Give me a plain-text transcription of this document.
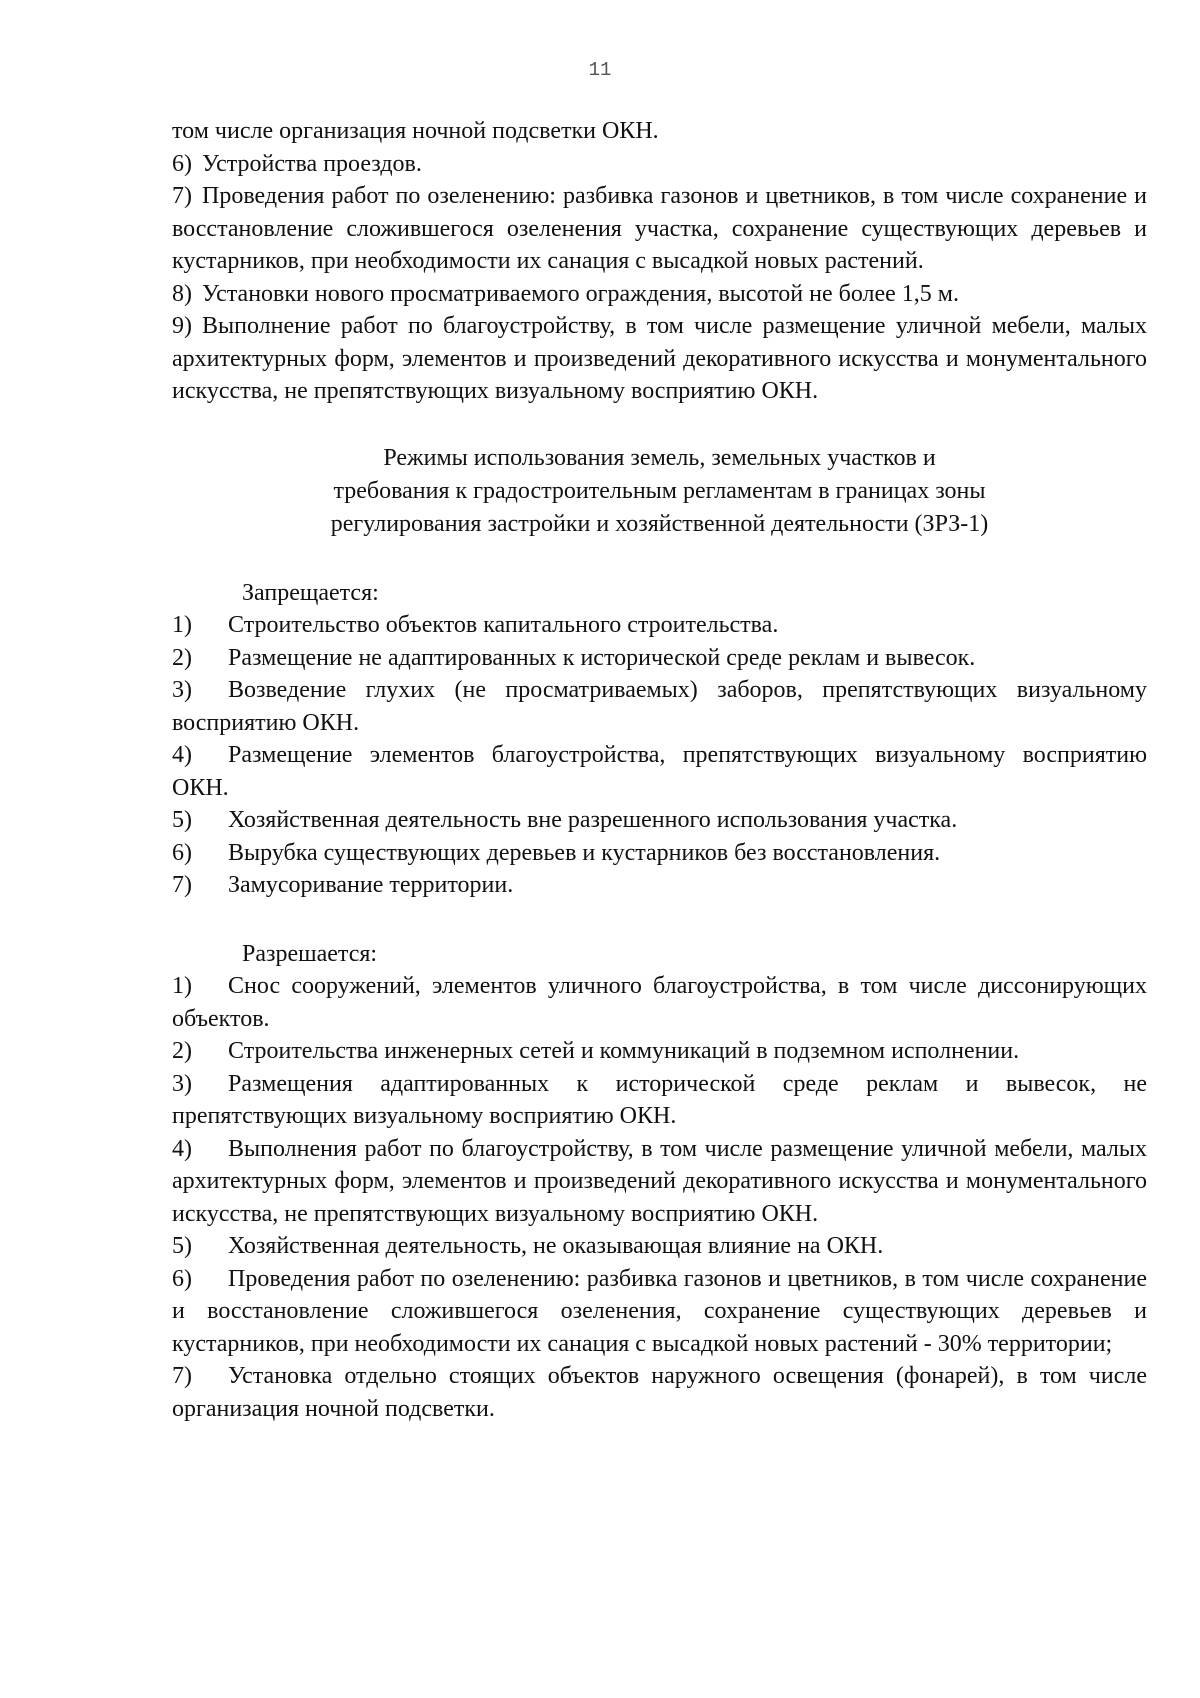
11

том числе организация ночной подсветки ОКН.

6) Устройства проездов.

7) Проведения работ по озеленению: разбивка газонов и цветников, в том числе сохранение и восстановление сложившегося озеленения участка, сохранение существующих деревьев и кустарников, при необходимости их санация с высадкой новых растений.

8) Установки нового просматриваемого ограждения, высотой не более 1,5 м.

9) Выполнение работ по благоустройству, в том числе размещение уличной мебели, малых архитектурных форм, элементов и произведений декоративного искусства и монументального искусства, не препятствующих визуальному восприятию ОКН.

Режимы использования земель, земельных участков и
требования к градостроительным регламентам в границах зоны
регулирования застройки и хозяйственной деятельности (ЗРЗ-1)

Запрещается:

1) Строительство объектов капитального строительства.

2) Размещение не адаптированных к исторической среде реклам и вывесок.

3) Возведение глухих (не просматриваемых) заборов, препятствующих визуальному восприятию ОКН.

4) Размещение элементов благоустройства, препятствующих визуальному восприятию ОКН.

5) Хозяйственная деятельность вне разрешенного использования участка.

6) Вырубка существующих деревьев и кустарников без восстановления.

7) Замусоривание территории.

Разрешается:

1) Снос сооружений, элементов уличного благоустройства, в том числе диссонирующих объектов.

2) Строительства инженерных сетей и коммуникаций в подземном исполнении.

3) Размещения адаптированных к исторической среде реклам и вывесок, не препятствующих визуальному восприятию ОКН.

4) Выполнения работ по благоустройству, в том числе размещение уличной мебели, малых архитектурных форм, элементов и произведений декоративного искусства и монументального искусства, не препятствующих визуальному восприятию ОКН.

5) Хозяйственная деятельность, не оказывающая влияние на ОКН.

6) Проведения работ по озеленению: разбивка газонов и цветников, в том числе сохранение и восстановление сложившегося озеленения, сохранение существующих деревьев и кустарников, при необходимости их санация с высадкой новых растений - 30% территории;

7) Установка отдельно стоящих объектов наружного освещения (фонарей), в том числе организация ночной подсветки.
